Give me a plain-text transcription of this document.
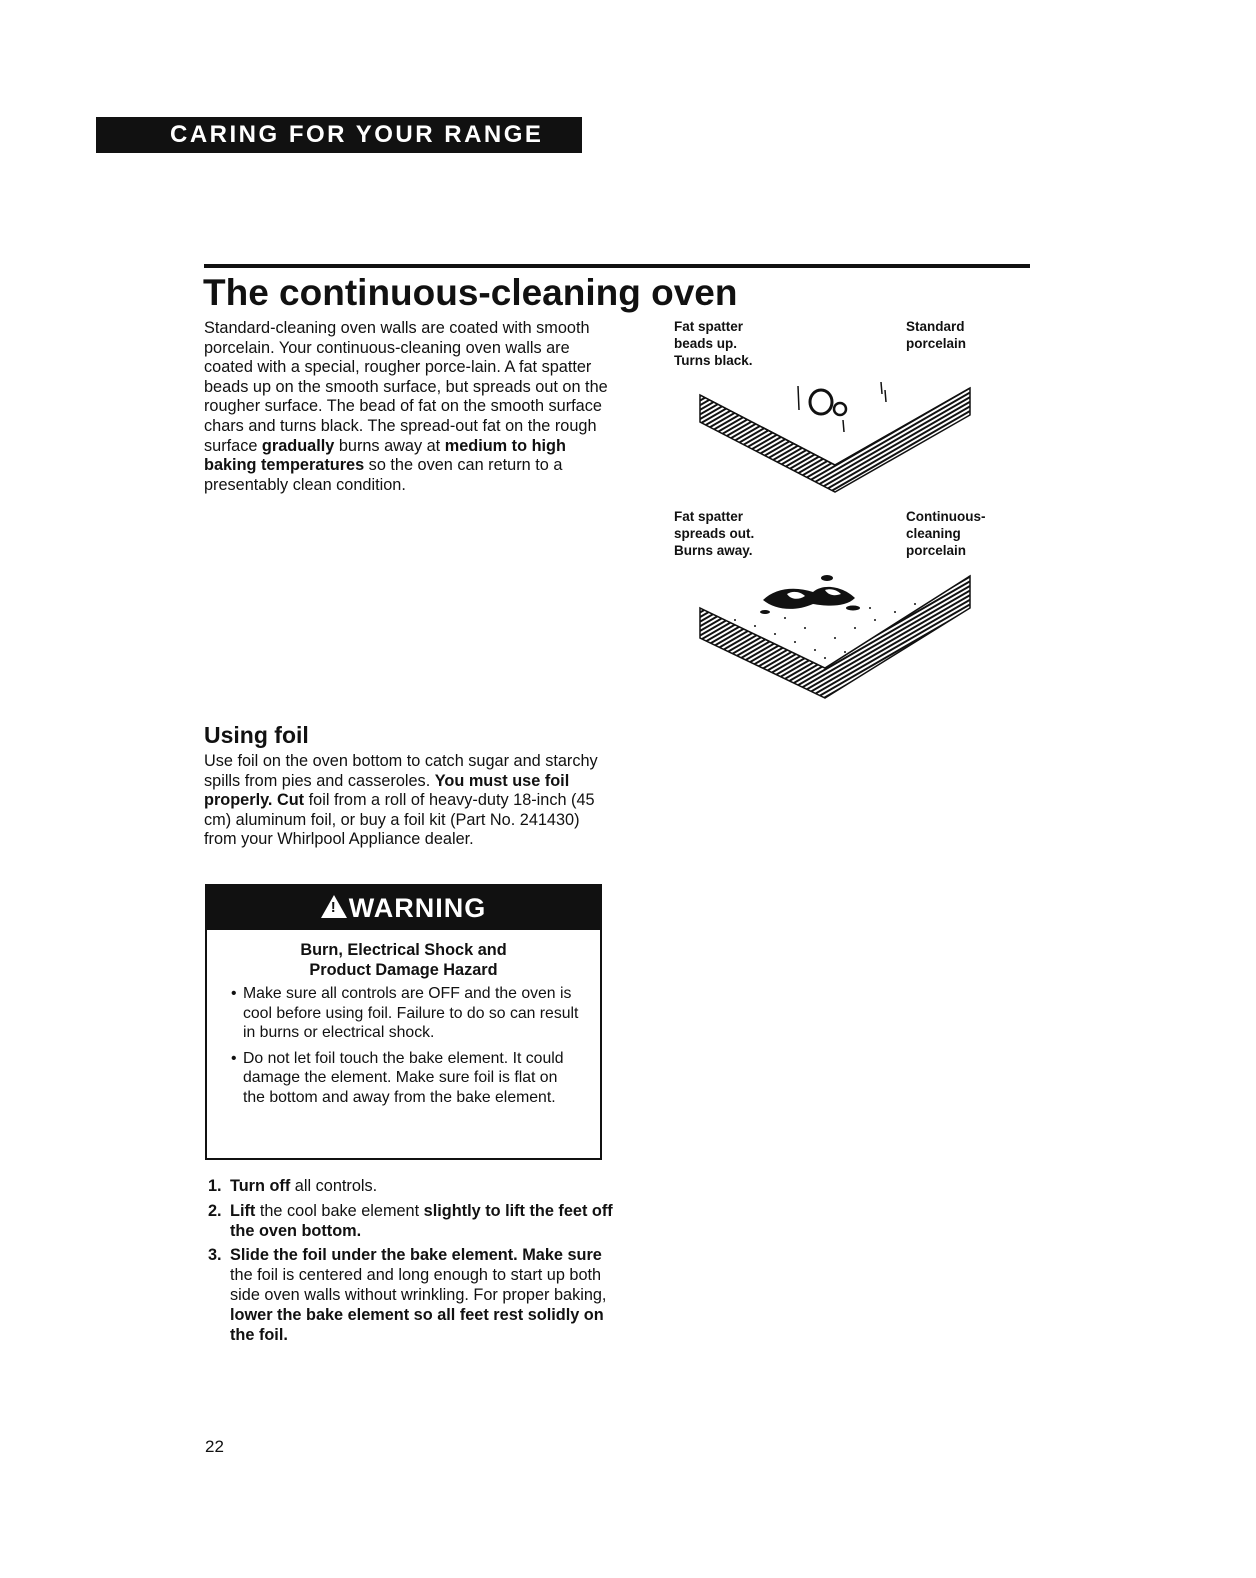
CARING FOR YOUR RANGE
The continuous-cleaning oven

Standard-cleaning oven walls are coated with smooth porcelain. Your continuous-cleaning oven walls are coated with a special, rougher porce-lain. A fat spatter beads up on the smooth surface, but spreads out on the rougher surface. The bead of fat on the smooth surface chars and turns black. The spread-out fat on the rough surface gradually burns away at medium to high baking temperatures so the oven can return to a presentably clean condition.

Fat spatter
beads up.
Turns black.

Standard
porcelain

Fat spatter
spreads out.
Burns away.

Continuous-
cleaning
porcelain

Using foil

Use foil on the oven bottom to catch sugar and starchy spills from pies and casseroles. You must use foil properly. Cut foil from a roll of heavy-duty 18-inch (45 cm) aluminum foil, or buy a foil kit (Part No. 241430) from your Whirlpool Appliance dealer.

!WARNING
Burn, Electrical Shock and
Product Damage Hazard
• Make sure all controls are OFF and the oven is cool before using foil. Failure to do so can result in burns or electrical shock.
• Do not let foil touch the bake element. It could damage the element. Make sure foil is flat on the bottom and away from the bake element.
1. Turn off all controls.
2. Lift the cool bake element slightly to lift the feet off the oven bottom.
3. Slide the foil under the bake element. Make sure the foil is centered and long enough to start up both side oven walls without wrinkling. For proper baking, lower the bake element so all feet rest solidly on the foil.
22
